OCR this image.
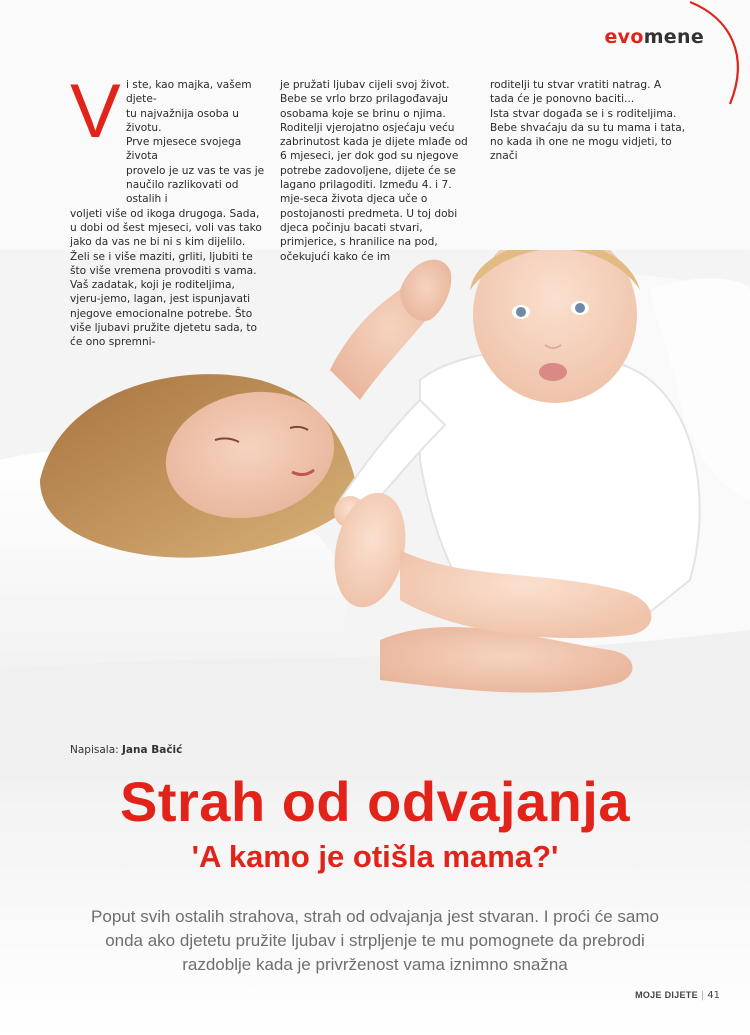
evomene
V i ste, kao majka, vašem djete-
tu najvažnija osoba u životu.
Prve mjesece svojega života
provelo je uz vas te vas je
naučilo razlikovati od ostalih i

voljeti više od ikoga drugoga. Sada, u dobi od šest mjeseci, voli vas tako jako da vas ne bi ni s kim dijelilo. Želi se i više maziti, grliti, ljubiti te što više vremena provoditi s vama.

Vaš zadatak, koji je roditeljima, vjeru-jemo, lagan, jest ispunjavati njegove emocionalne potrebe. Što više ljubavi pružite djetetu sada, to će ono spremni-

je pružati ljubav cijeli svoj život. Bebe se vrlo brzo prilagođavaju osobama koje se brinu o njima. Roditelji vjerojatno osjećaju veću zabrinutost kada je dijete mlađe od 6 mjeseci, jer dok god su njegove potrebe zadovoljene, dijete će se lagano prilagoditi. Između 4. i 7. mje-seca života djeca uče o postojanosti predmeta. U toj dobi djeca počinju bacati stvari, primjerice, s hranilice na pod, očekujući kako će im

roditelji tu stvar vratiti natrag. A tada će je ponovno baciti...

Ista stvar događa se i s roditeljima. Bebe shvaćaju da su tu mama i tata, no kada ih one ne mogu vidjeti, to znači

Napisala: Jana Bačić
Strah od odvajanja
'A kamo je otišla mama?'
Poput svih ostalih strahova, strah od odvajanja jest stvaran. I proći će samo onda ako djetetu pružite ljubav i strpljenje te mu pomognete da prebrodi razdoblje kada je privrženost vama iznimno snažna
MOJE DIJETE | 41
